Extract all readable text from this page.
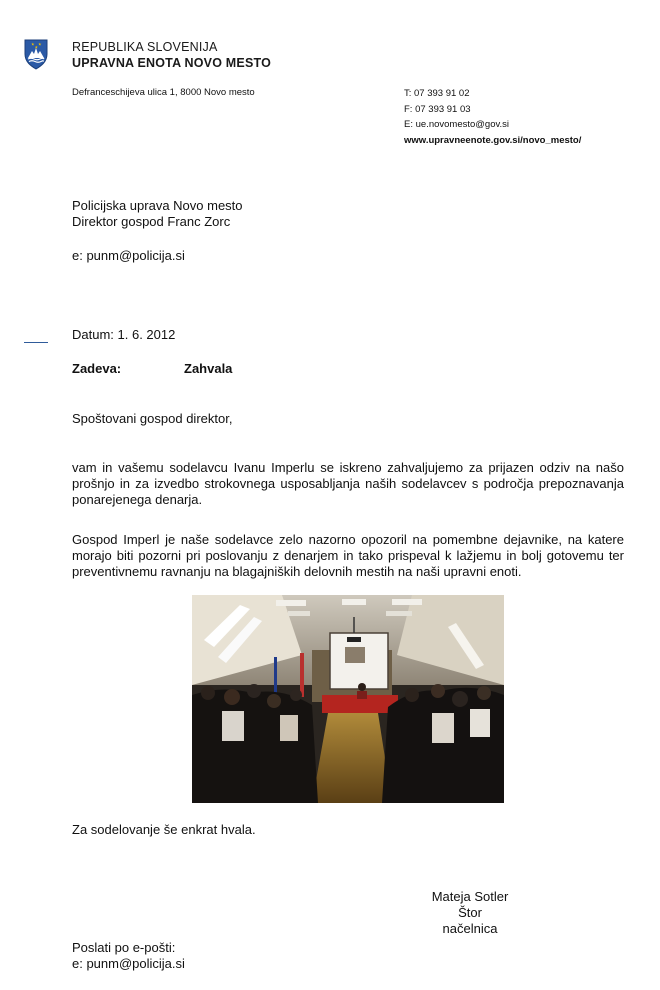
★ ★
★	REPUBLIKA SLOVENIJA
UPRAVNA ENOTA NOVO MESTO
Defranceschijeva ulica 1, 8000 Novo mesto	T: 07 393 91 02
F: 07 393 91 03
E: ue.novomesto@gov.si
www.upravneenote.gov.si/novo_mesto/
Policijska uprava Novo mesto
Direktor gospod Franc Zorc
e: punm@policija.si
Datum: 1. 6. 2012
Zadeva:	Zahvala
Spoštovani gospod direktor,
vam in vašemu sodelavcu Ivanu Imperlu se iskreno zahvaljujemo za prijazen odziv na našo prošnjo in za izvedbo strokovnega usposabljanja naših sodelavcev s področja prepoznavanja ponarejenega denarja.
Gospod Imperl je naše sodelavce zelo nazorno opozoril na pomembne dejavnike, na katere morajo biti pozorni pri poslovanju z denarjem in tako prispeval k lažjemu in bolj gotovemu ter preventivnemu ravnanju na blagajniških delovnih mestih na naši upravni enoti.
Za sodelovanje še enkrat hvala.
Mateja Sotler Štor
načelnica
Poslati po e-pošti:
e: punm@policija.si
